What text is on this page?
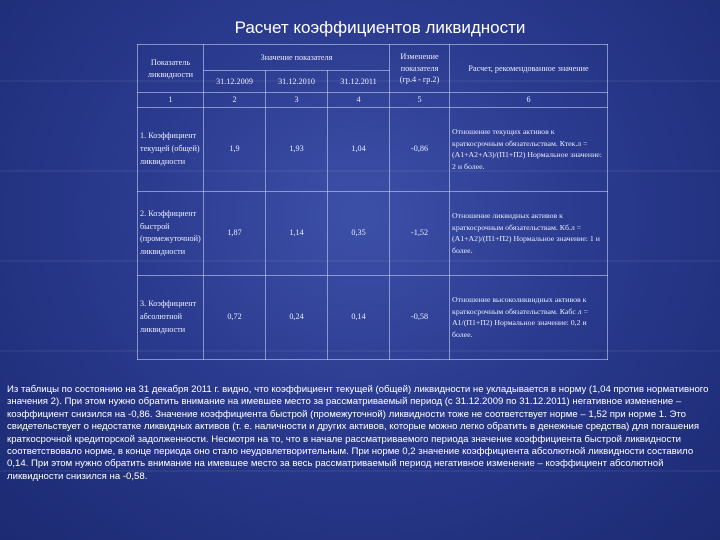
Расчет коэффициентов ликвидности
Показатель ликвидности	Значение показателя			Изменение показателя (гр.4 - гр.2)	Расчет, рекомендованное значение
	31.12.2009	31.12.2010	31.12.2011		
1	2	3	4	5	6
1. Коэффициент текущей (общей) ликвидности	1,9	1,93	1,04	-0,86	Отношение текущих активов к краткосрочным обязательствам. Ктек.л = (А1+А2+А3)/(П1+П2) Нормальное значение: 2 и более.
2. Коэффициент быстрой (промежуточной) ликвидности	1,87	1,14	0,35	-1,52	Отношение ликвидных активов к краткосрочным обязательствам. Кб.л = (А1+А2)/(П1+П2) Нормальное значение: 1 и более.
3. Коэффициент абсолютной ликвидности	0,72	0,24	0,14	-0,58	Отношение высоколиквидных активов к краткосрочным обязательствам. Кабс л = А1/(П1+П2) Нормальное значение: 0,2 и более.

Из таблицы по состоянию на 31 декабря 2011 г. видно, что коэффициент текущей (общей) ликвидности не укладывается в норму (1,04 против нормативного значения 2). При этом нужно обратить внимание на имевшее место за рассматриваемый период (с 31.12.2009 по 31.12.2011) негативное изменение – коэффициент снизился на -0,86. Значение коэффициента быстрой (промежуточной) ликвидности тоже не соответствует норме – 1,52 при норме 1. Это свидетельствует о недостатке ликвидных активов (т. е. наличности и других активов, которые можно легко обратить в денежные средства) для погашения краткосрочной кредиторской задолженности. Несмотря на то, что в начале рассматриваемого периода значение коэффициента быстрой ликвидности соответствовало норме, в конце периода оно стало неудовлетворительным. При норме 0,2 значение коэффициента абсолютной ликвидности составило 0,14. При этом нужно обратить внимание на имевшее место за весь рассматриваемый период негативное изменение – коэффициент абсолютной ликвидности снизился на -0,58.
